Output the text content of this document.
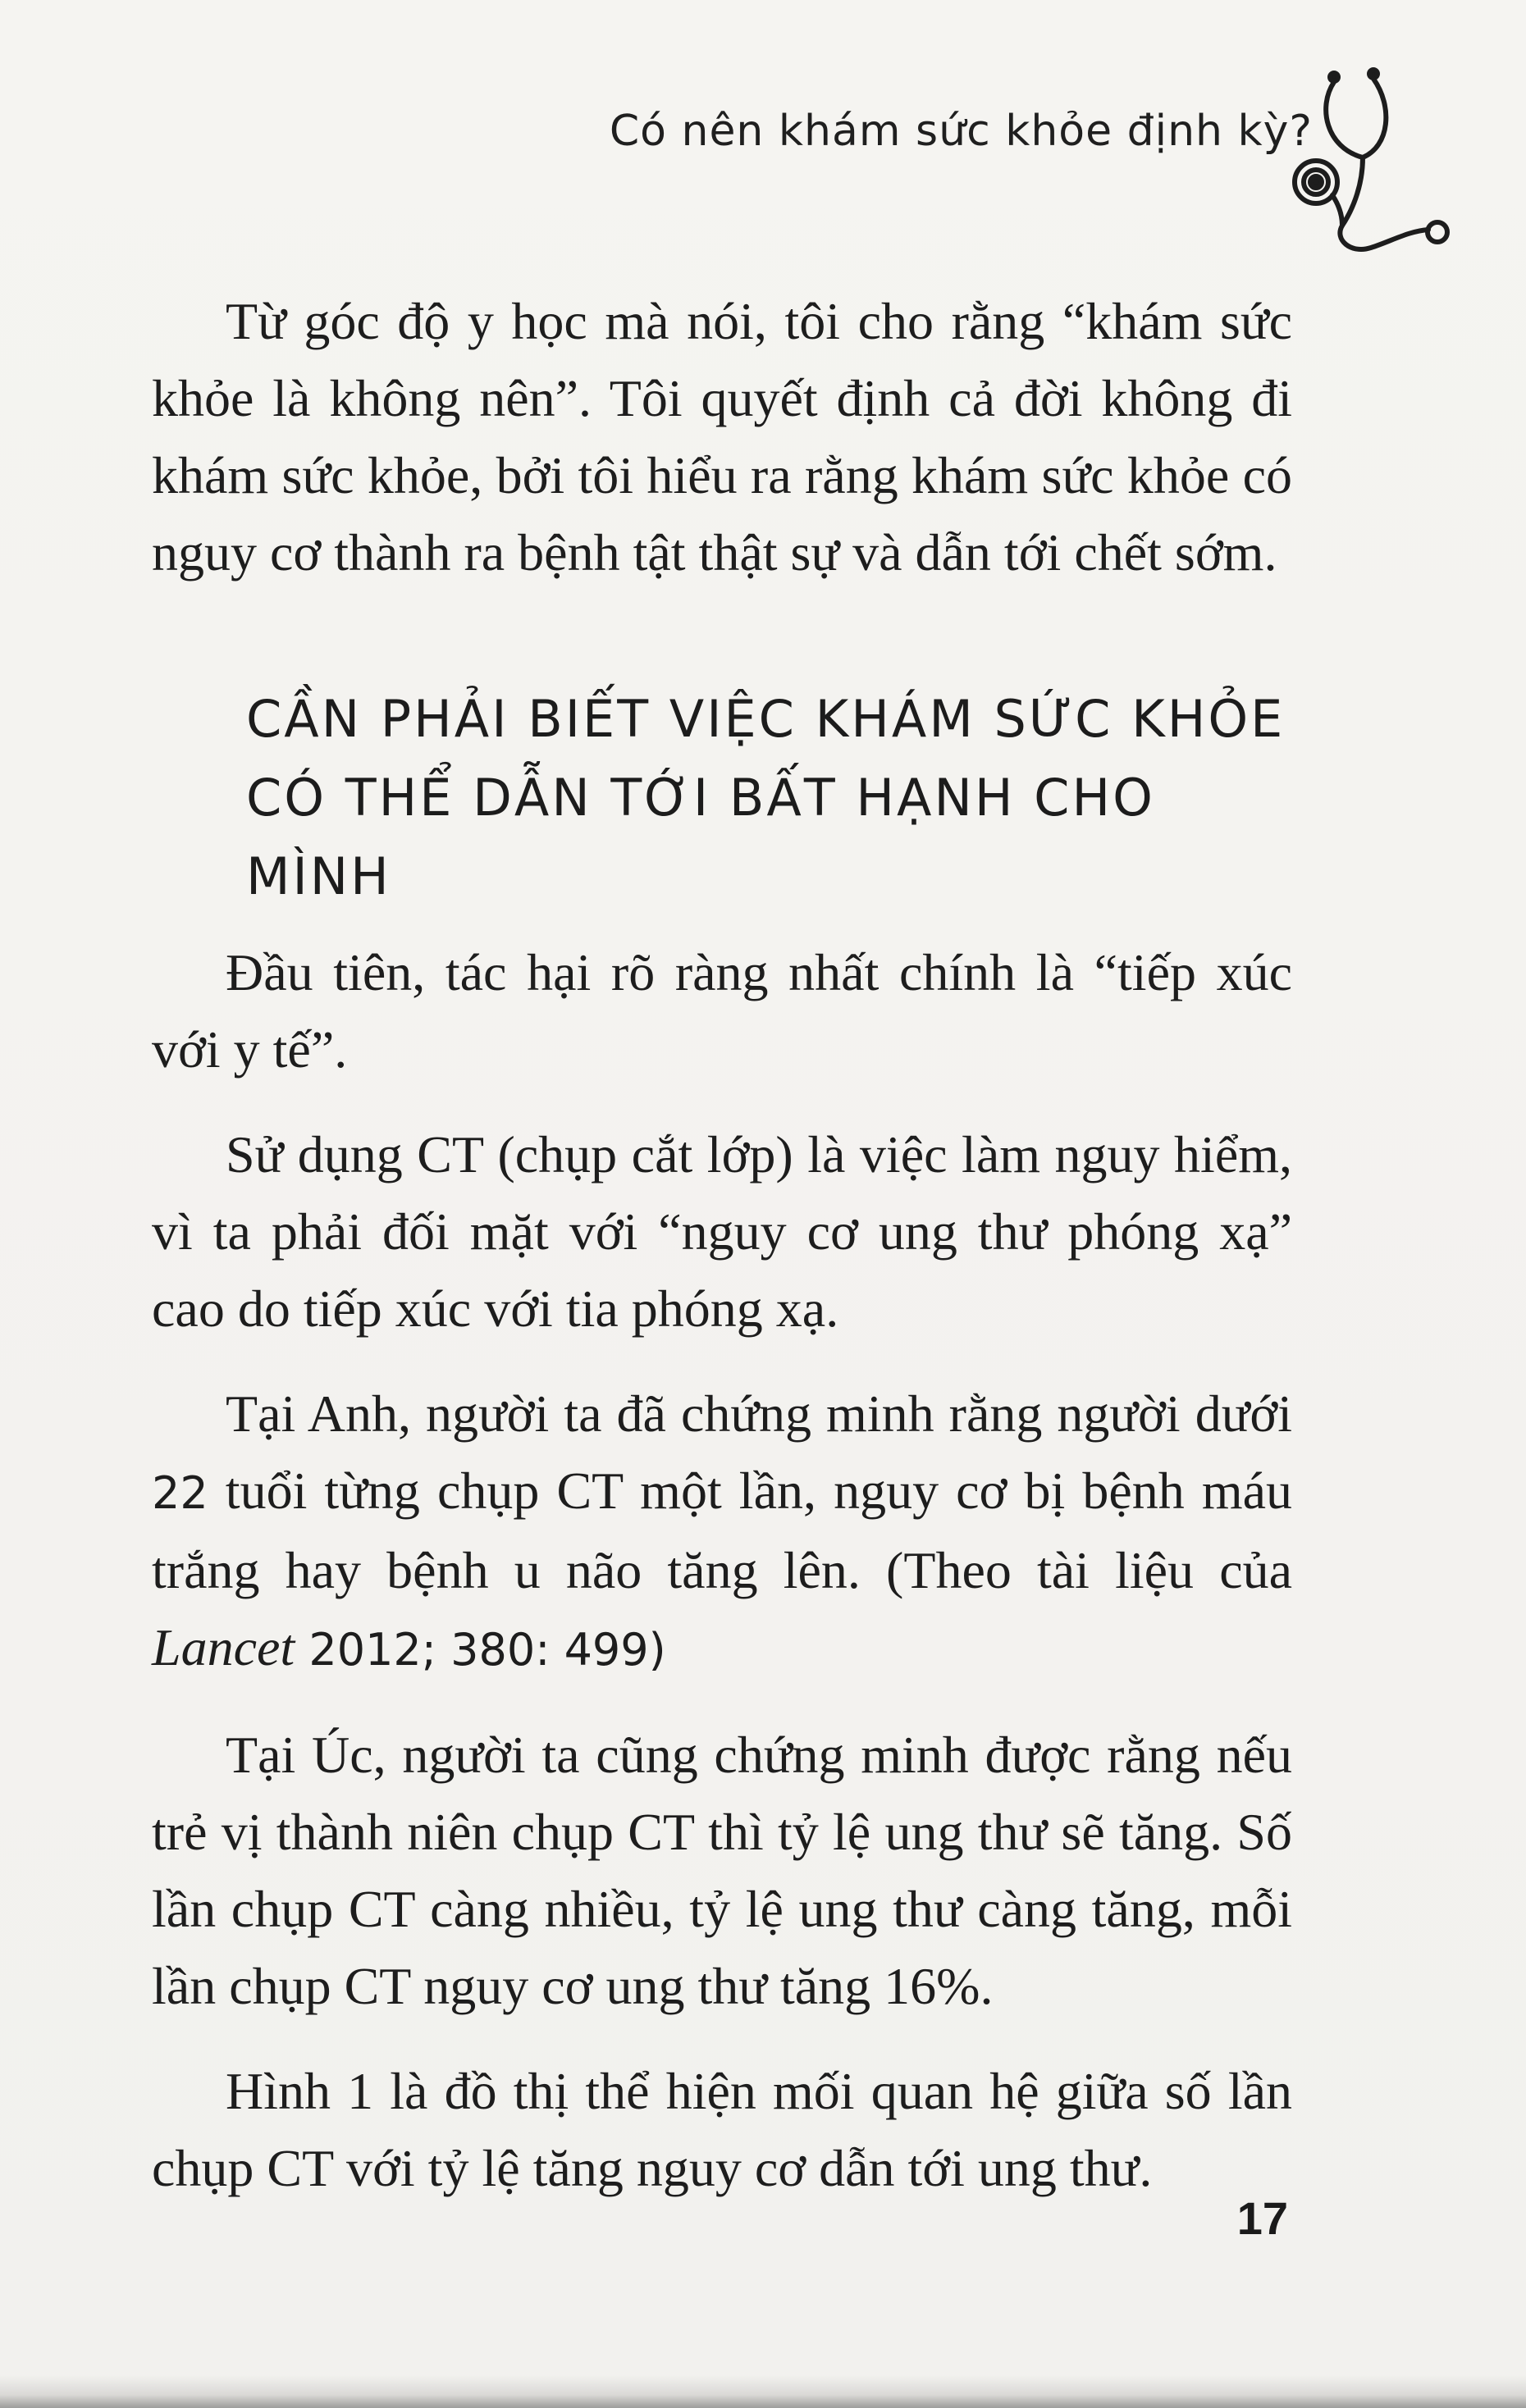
Có nên khám sức khỏe định kỳ?

Từ góc độ y học mà nói, tôi cho rằng “khám sức khỏe là không nên”. Tôi quyết định cả đời không đi khám sức khỏe, bởi tôi hiểu ra rằng khám sức khỏe có nguy cơ thành ra bệnh tật thật sự và dẫn tới chết sớm.

CẦN PHẢI BIẾT VIỆC KHÁM SỨC KHỎE
CÓ THỂ DẪN TỚI BẤT HẠNH CHO MÌNH

Đầu tiên, tác hại rõ ràng nhất chính là “tiếp xúc với y tế”.

Sử dụng CT (chụp cắt lớp) là việc làm nguy hiểm, vì ta phải đối mặt với “nguy cơ ung thư phóng xạ” cao do tiếp xúc với tia phóng xạ.

Tại Anh, người ta đã chứng minh rằng người dưới 22 tuổi từng chụp CT một lần, nguy cơ bị bệnh máu trắng hay bệnh u não tăng lên. (Theo tài liệu của Lancet 2012; 380: 499)

Tại Úc, người ta cũng chứng minh được rằng nếu trẻ vị thành niên chụp CT thì tỷ lệ ung thư sẽ tăng. Số lần chụp CT càng nhiều, tỷ lệ ung thư càng tăng, mỗi lần chụp CT nguy cơ ung thư tăng 16%.

Hình 1 là đồ thị thể hiện mối quan hệ giữa số lần chụp CT với tỷ lệ tăng nguy cơ dẫn tới ung thư.

17
